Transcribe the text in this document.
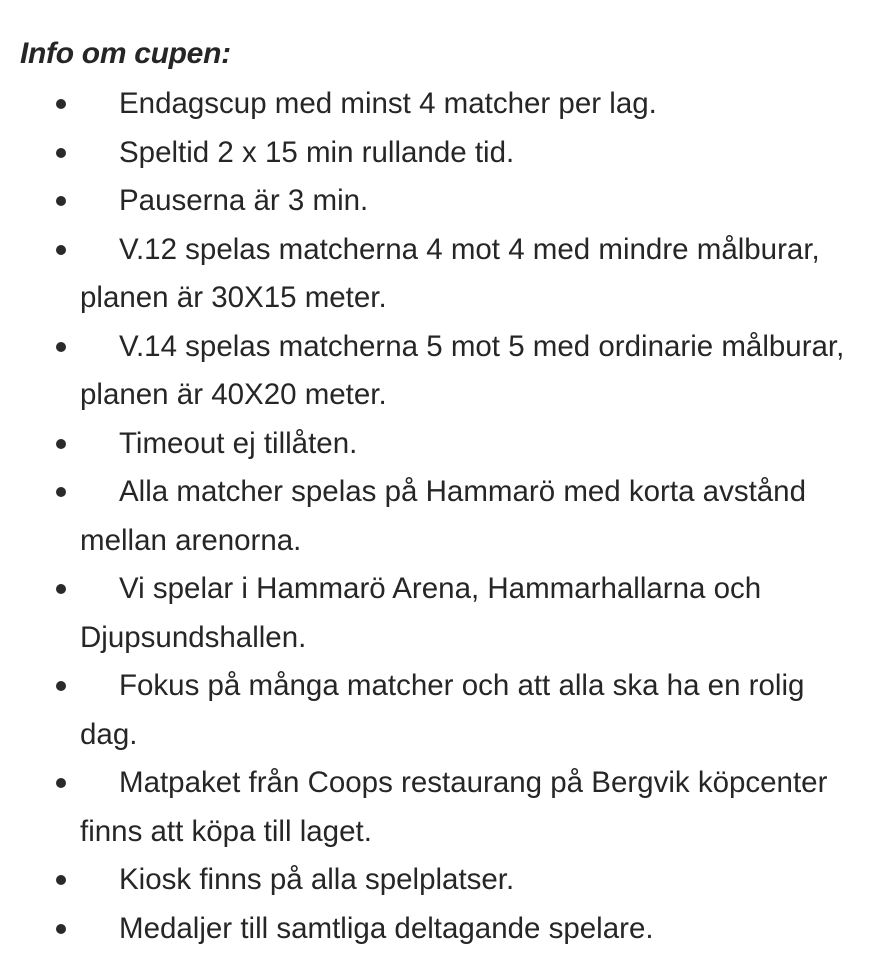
Info om cupen:
Endagscup med minst 4 matcher per lag.
Speltid 2 x 15 min rullande tid.
Pauserna är 3 min.
V.12 spelas matcherna 4 mot 4 med mindre målburar, planen är 30X15 meter.
V.14 spelas matcherna 5 mot 5 med ordinarie målburar, planen är 40X20 meter.
Timeout ej tillåten.
Alla matcher spelas på Hammarö med korta avstånd mellan arenorna.
Vi spelar i Hammarö Arena, Hammarhallarna och Djupsundshallen.
Fokus på många matcher och att alla ska ha en rolig dag.
Matpaket från Coops restaurang på Bergvik köpcenter finns att köpa till laget.
Kiosk finns på alla spelplatser.
Medaljer till samtliga deltagande spelare.
